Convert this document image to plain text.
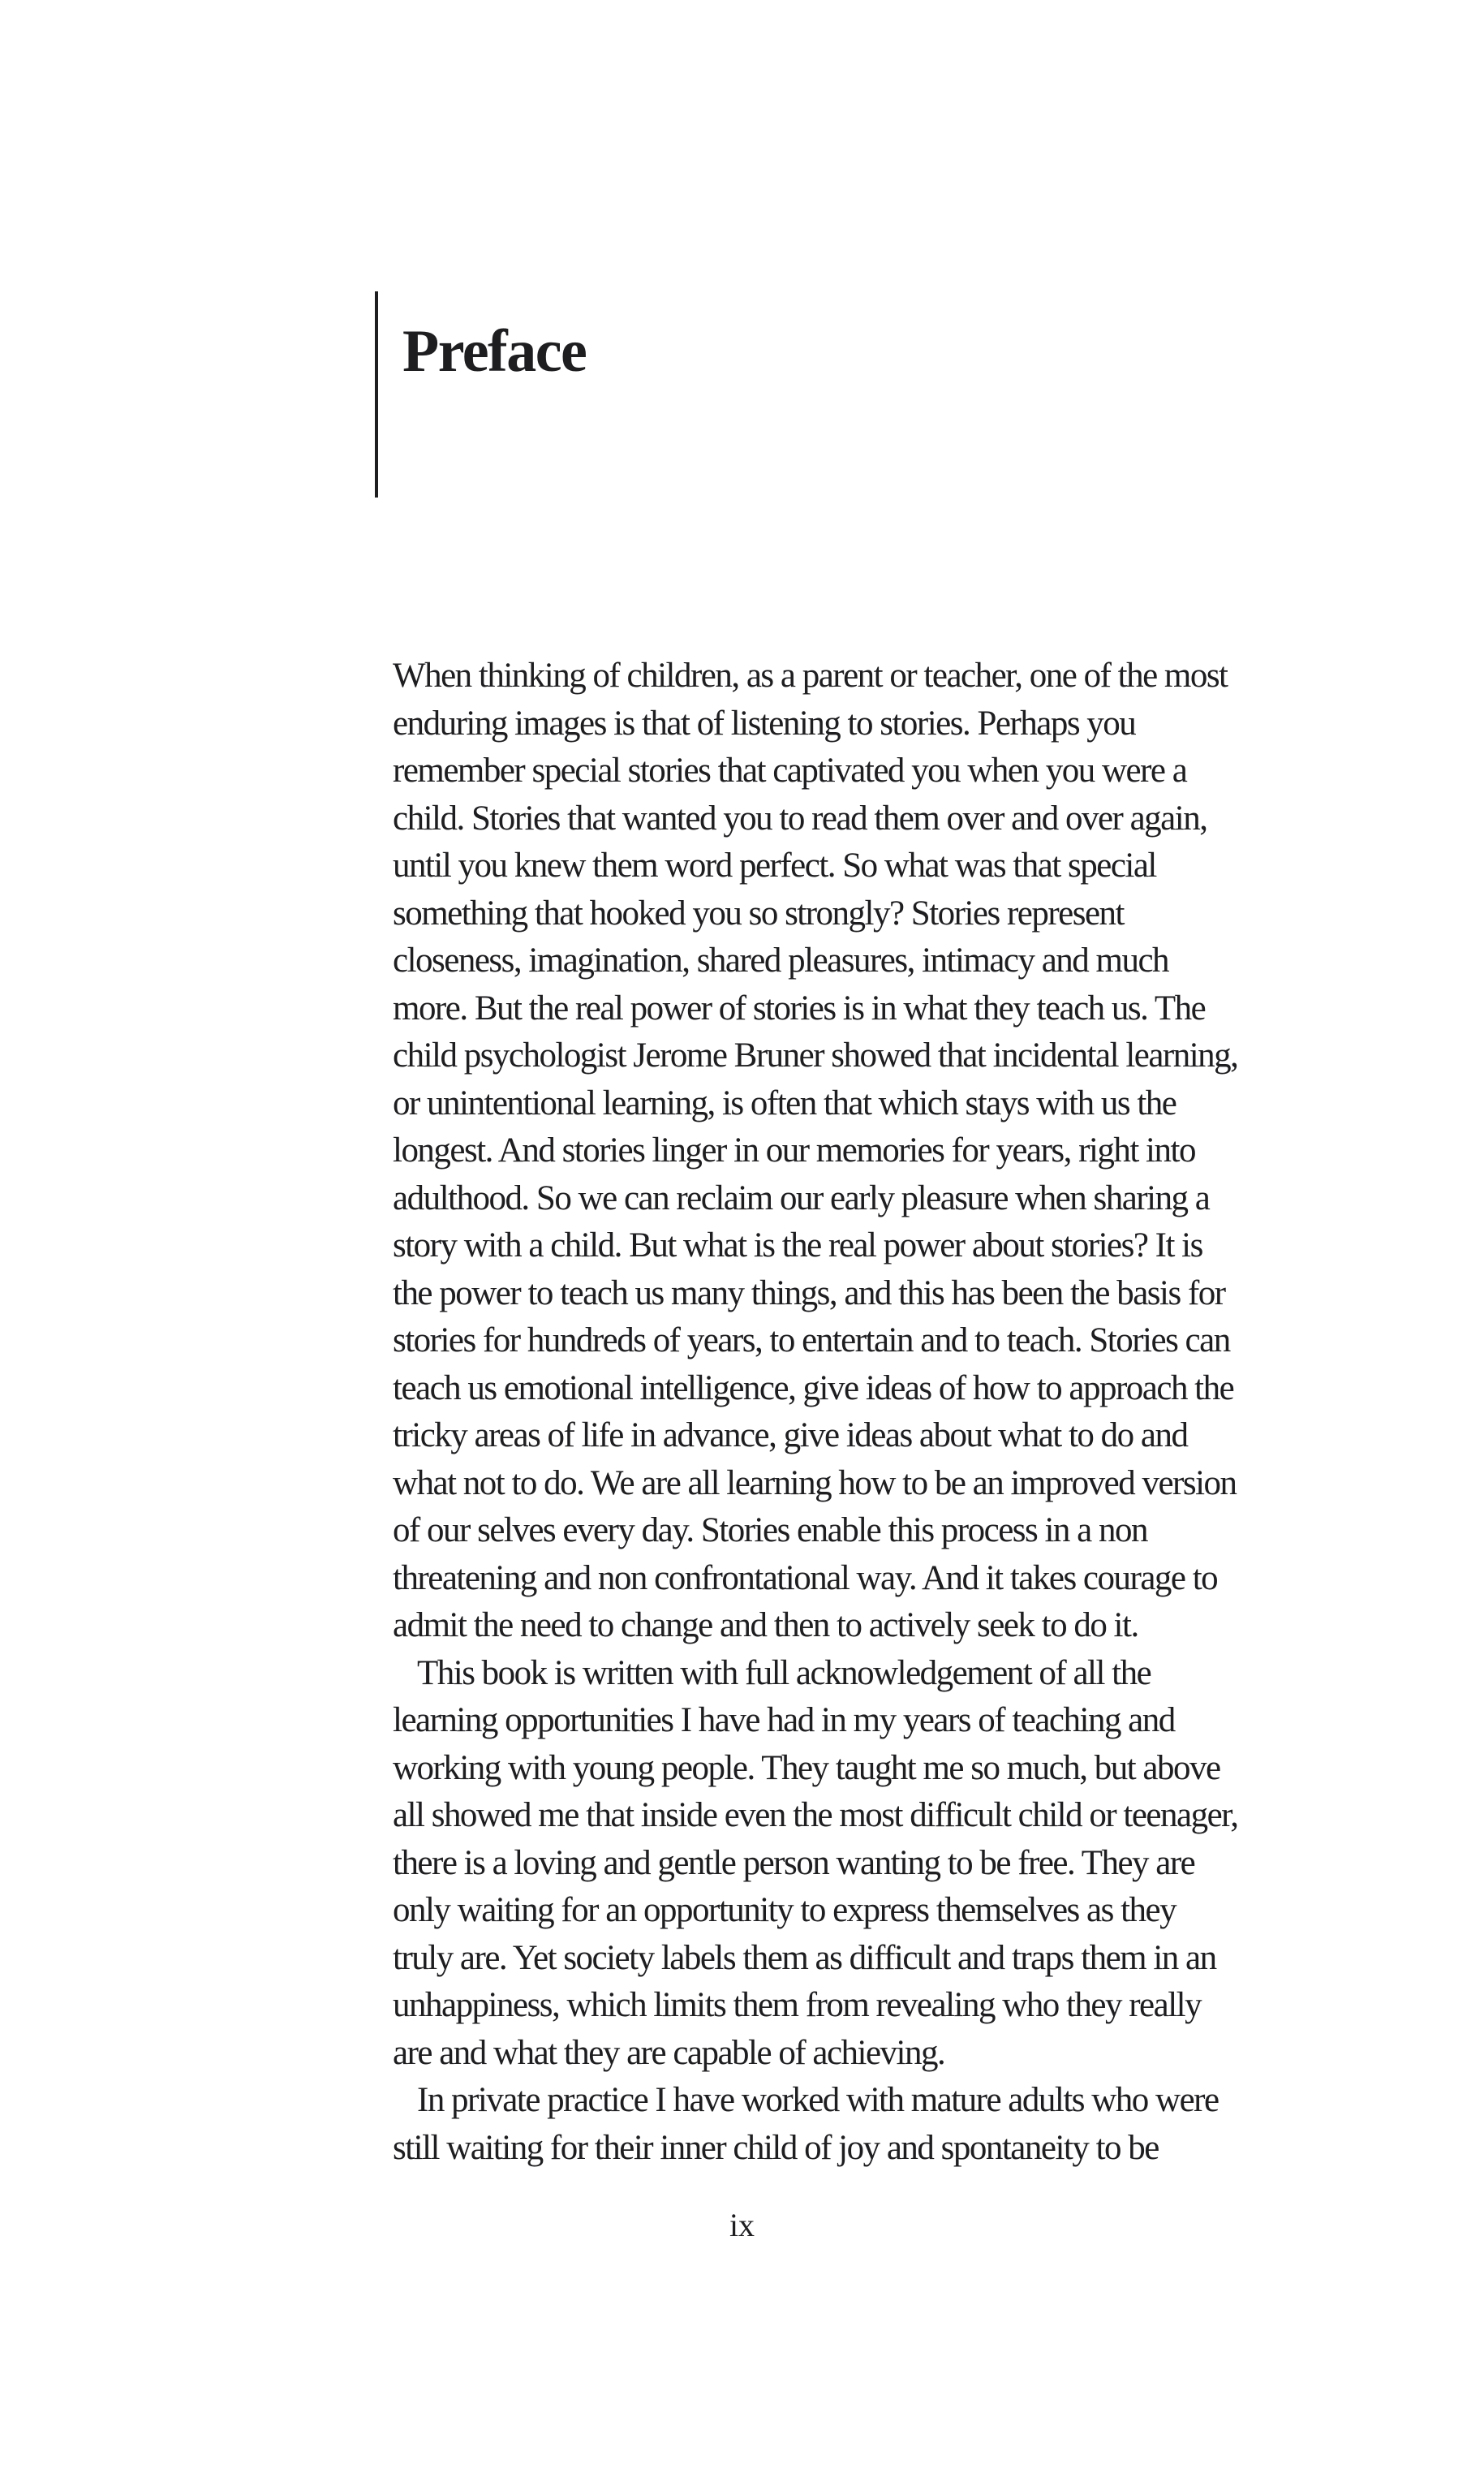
Preface
When thinking of children, as a parent or teacher, one of the most
enduring images is that of listening to stories. Perhaps you
remember special stories that captivated you when you were a
child. Stories that wanted you to read them over and over again,
until you knew them word perfect. So what was that special
something that hooked you so strongly? Stories represent
closeness, imagination, shared pleasures, intimacy and much
more. But the real power of stories is in what they teach us. The
child psychologist Jerome Bruner showed that incidental learning,
or unintentional learning, is often that which stays with us the
longest. And stories linger in our memories for years, right into
adulthood. So we can reclaim our early pleasure when sharing a
story with a child. But what is the real power about stories? It is
the power to teach us many things, and this has been the basis for
stories for hundreds of years, to entertain and to teach. Stories can
teach us emotional intelligence, give ideas of how to approach the
tricky areas of life in advance, give ideas about what to do and
what not to do. We are all learning how to be an improved version
of our selves every day. Stories enable this process in a non
threatening and non confrontational way. And it takes courage to
admit the need to change and then to actively seek to do it.
This book is written with full acknowledgement of all the
learning opportunities I have had in my years of teaching and
working with young people. They taught me so much, but above
all showed me that inside even the most difficult child or teenager,
there is a loving and gentle person wanting to be free. They are
only waiting for an opportunity to express themselves as they
truly are. Yet society labels them as difficult and traps them in an
unhappiness, which limits them from revealing who they really
are and what they are capable of achieving.
In private practice I have worked with mature adults who were
still waiting for their inner child of joy and spontaneity to be
ix
